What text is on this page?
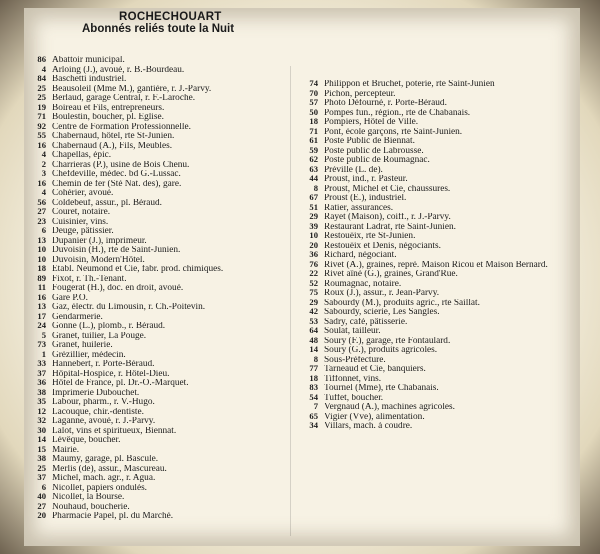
ROCHECHOUART
Abonnés reliés toute la Nuit
86 Abattoir municipal.
4 Arloing (J.), avoué, r. B.-Bourdeau.
84 Baschetti industriel.
25 Beausoleil (Mme M.), gantière, r. J.-Parvy.
25 Berlaud, garage Central, r. F.-Laroche.
19 Boireau et Fils, entrepreneurs.
71 Boulestin, boucher, pl. Eglise.
92 Centre de Formation Professionnelle.
55 Chabernaud, hôtel, rte St-Junien.
16 Chabernaud (A.), Fils, Meubles.
4 Chapellas, épic.
2 Charrieras (P.), usine de Bois Chenu.
3 Chefdeville, médec. bd G.-Lussac.
16 Chemin de fer (Sté Nat. des), gare.
4 Cohérier, avoué.
56 Coldebeuf, assur., pl. Béraud.
27 Couret, notaire.
23 Cuisinier, vins.
6 Deuge, pâtissier.
13 Dupanier (J.), imprimeur.
10 Duvoisin (H.), rte de Saint-Junien.
10 Duvoisin, Modern'Hôtel.
18 Etabl. Neumond et Cie, fabr. prod. chimiques.
89 Fixot, r. Th.-Tenant.
11 Fougerat (H.), doc. en droit, avoué.
16 Gare P.O.
13 Gaz, électr. du Limousin, r. Ch.-Poitevin.
17 Gendarmerie.
24 Gonne (L.), plomb., r. Béraud.
5 Granet, tuilier, La Pouge.
73 Granet, huilerie.
1 Grézillier, médecin.
33 Hannebert, r. Porte-Béraud.
37 Hôpital-Hospice, r. Hôtel-Dieu.
36 Hôtel de France, pl. Dr.-O.-Marquet.
38 Imprimerie Dubouchet.
35 Labour, pharm., r. V.-Hugo.
12 Lacouque, chir.-dentiste.
32 Laganne, avoué, r. J.-Parvy.
30 Lalot, vins et spiritueux, Biennat.
14 Lévêque, boucher.
15 Mairie.
38 Maumy, garage, pl. Bascule.
25 Merlis (de), assur., Mascureau.
37 Michel, mach. agr., r. Agua.
6 Nicollet, papiers ondulés.
40 Nicollet, la Bourse.
27 Nouhaud, boucherie.
20 Pharmacie Papel, pl. du Marché.
74 Philippon et Bruchet, poterie, rte Saint-Junien
70 Pichon, percepteur.
57 Photo Défourné, r. Porte-Béraud.
50 Pompes fun., région., rte de Chabanais.
18 Pompiers, Hôtel de Ville.
71 Pont, école garçons, rte Saint-Junien.
61 Poste Public de Biennat.
59 Poste public de Labrousse.
62 Poste public de Roumagnac.
63 Préville (L. de).
44 Proust, ind., r. Pasteur.
8 Proust, Michel et Cie, chaussures.
67 Proust (E.), industriel.
51 Ratier, assurances.
29 Rayet (Maison), coiff., r. J.-Parvy.
39 Restaurant Ladrat, rte Saint-Junien.
10 Restouëix, rte St-Junien.
20 Restouëix et Denis, négociants.
36 Richard, négociant.
76 Rivet (A.), graines, repré. Maison Ricou et Maison Bernard.
22 Rivet aîné (G.), graines, Grand'Rue.
52 Roumagnac, notaire.
75 Roux (J.), assur., r. Jean-Parvy.
29 Sabourdy (M.), produits agric., rte Saillat.
42 Sabourdy, scierie, Les Sangles.
53 Sadry, café, pâtisserie.
64 Soulat, tailleur.
48 Soury (F.), garage, rte Fontaulard.
14 Soury (G.), produits agricoles.
8 Sous-Préfecture.
77 Tarneaud et Cie, banquiers.
18 Tiffonnet, vins.
83 Tournel (Mme), rte Chabanais.
54 Tuffet, boucher.
7 Vergnaud (A.), machines agricoles.
65 Vigier (Vve), alimentation.
34 Villars, mach. à coudre.
